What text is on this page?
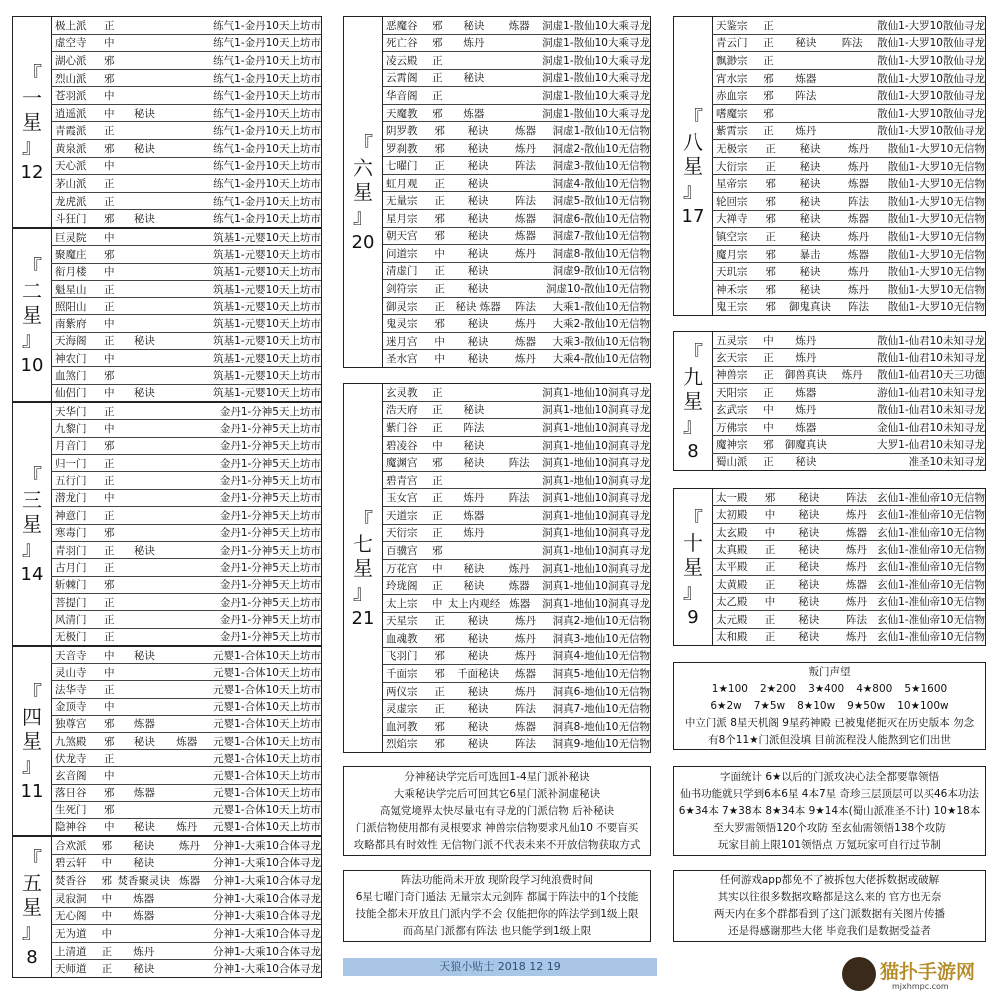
『
一
星
』
12
极上派	正	练气1-金丹10 天上坊市
虚空寺	中	练气1-金丹10 天上坊市
湖心派	邪	练气1-金丹10 天上坊市
烈山派	邪	练气1-金丹10 天上坊市
苍羽派	中	练气1-金丹10 天上坊市
逍遥派	中	秘诀	练气1-金丹10 天上坊市
青霞派	正	练气1-金丹10 天上坊市
黄泉派	邪	秘诀	练气1-金丹10 天上坊市
天心派	中	练气1-金丹10 天上坊市
茅山派	正	练气1-金丹10 天上坊市
龙虎派	正	练气1-金丹10 天上坊市
斗狂门	邪	秘诀	练气1-金丹10 天上坊市
『
二
星
』
10
巨灵院	中	筑基1-元婴10 天上坊市
聚魔庄	邪	筑基1-元婴10 天上坊市
衔月楼	中	筑基1-元婴10 天上坊市
魁星山	正	筑基1-元婴10 天上坊市
照阳山	正	筑基1-元婴10 天上坊市
南紫府	中	筑基1-元婴10 天上坊市
天海阁	正	秘诀	筑基1-元婴10 天上坊市
神农门	中	筑基1-元婴10 天上坊市
血煞门	邪	筑基1-元婴10 天上坊市
仙侣门	中	秘诀	筑基1-元婴10 天上坊市
『
三
星
』
14
天华门	正	金丹1-分神5 天上坊市
九黎门	中	金丹1-分神5 天上坊市
月音门	邪	金丹1-分神5 天上坊市
归一门	正	金丹1-分神5 天上坊市
五行门	正	金丹1-分神5 天上坊市
潜龙门	中	金丹1-分神5 天上坊市
神意门	正	金丹1-分神5 天上坊市
寒毒门	邪	金丹1-分神5 天上坊市
青羽门	正	秘诀	金丹1-分神5 天上坊市
古月门	正	金丹1-分神5 天上坊市
斩棘门	邪	金丹1-分神5 天上坊市
菩提门	正	金丹1-分神5 天上坊市
风清门	正	金丹1-分神5 天上坊市
无极门	正	金丹1-分神5 天上坊市
『
四
星
』
11
天音寺	中	秘诀	元婴1-合体10 天上坊市
灵山寺	中	元婴1-合体10 天上坊市
法华寺	正	元婴1-合体10 天上坊市
金顶寺	中	元婴1-合体10 天上坊市
独尊宫	邪	炼器	元婴1-合体10 天上坊市
九煞殿	邪	秘诀	炼器	元婴1-合体10 天上坊市
伏龙寺	正	元婴1-合体10 天上坊市
玄音阁	中	元婴1-合体10 天上坊市
落日谷	邪	炼器	元婴1-合体10 天上坊市
生死门	邪	元婴1-合体10 天上坊市
隐神谷	中	秘诀	炼丹	元婴1-合体10 天上坊市
『
五
星
』
8
合欢派	邪	秘诀	炼丹	分神1-大乘10 合体寻龙
碧云轩	中	秘诀	分神1-大乘10 合体寻龙
焚香谷	邪 焚香聚灵诀 炼器	分神1-大乘10 合体寻龙
灵寂洞	中	炼器	分神1-大乘10 合体寻龙
无心阁	中	炼器	分神1-大乘10 合体寻龙
无为道	中	分神1-大乘10 合体寻龙
上清道	正	炼丹	分神1-大乘10 合体寻龙
天师道	正	秘诀	分神1-大乘10 合体寻龙
『
六
星
』
20
恶魔谷	邪	秘诀	炼器	洞虚1-散仙10 大乘寻龙
死亡谷	邪	炼丹	洞虚1-散仙10 大乘寻龙
凌云殿	正	洞虚1-散仙10 大乘寻龙
云霄阁	正	秘诀	洞虚1-散仙10 大乘寻龙
华音阁	正	洞虚1-散仙10 大乘寻龙
天魔教	邪	炼器	洞虚1-散仙10 大乘寻龙
阴罗教	邪	秘诀	炼器	洞虚1-散仙10 无信物
罗刹教	邪	秘诀	炼丹	洞虚2-散仙10 无信物
七曜门	正	秘诀	阵法	洞虚3-散仙10 无信物
虹月观	正	秘诀	洞虚4-散仙10 无信物
无量宗	正	秘诀	阵法	洞虚5-散仙10 无信物
星月宗	邪	秘诀	炼器	洞虚6-散仙10 无信物
朝天宫	邪	秘诀	炼器	洞虚7-散仙10 无信物
问道宗	中	秘诀	炼丹	洞虚8-散仙10 无信物
清虚门	正	秘诀	洞虚9-散仙10 无信物
剑符宗	正	秘诀	洞虚10-散仙10 无信物
御灵宗	正	秘诀 炼器	阵法	大乘1-散仙10 无信物
鬼灵宗	邪	秘诀	炼丹	大乘2-散仙10 无信物
迷月宫	中	秘诀	炼器	大乘3-散仙10 无信物
圣水宫	中	秘诀	炼丹	大乘4-散仙10 无信物
『
七
星
』
21
玄灵教	正	洞真1-地仙10 洞真寻龙
浩天府	正	秘诀	洞真1-地仙10 洞真寻龙
紫门谷	正	阵法	洞真1-地仙10 洞真寻龙
碧凌谷	中	秘诀	洞真1-地仙10 洞真寻龙
魔渊宫	邪	秘诀	阵法	洞真1-地仙10 洞真寻龙
碧青宫	正	洞真1-地仙10 洞真寻龙
玉女宫	正	炼丹	阵法	洞真1-地仙10 洞真寻龙
天道宗	正	炼器	洞真1-地仙10 洞真寻龙
天衍宗	正	炼丹	洞真1-地仙10 洞真寻龙
百骥宫	邪	洞真1-地仙10 洞真寻龙
万花宫	中	秘诀	炼丹	洞真1-地仙10 洞真寻龙
玲珑阁	正	秘诀	炼器	洞真1-地仙10 洞真寻龙
太上宗	中 太上内观经 炼器	洞真1-地仙10 洞真寻龙
天星宗	正	秘诀	炼丹	洞真2-地仙10 无信物
血魂教	邪	秘诀	炼丹	洞真3-地仙10 无信物
飞羽门	邪	秘诀	炼丹	洞真4-地仙10 无信物
千面宗	邪	千面秘诀	炼器	洞真5-地仙10 无信物
两仪宗	正	秘诀	炼丹	洞真6-地仙10 无信物
灵虚宗	正	秘诀	阵法	洞真7-地仙10 无信物
血河教	邪	秘诀	炼器	洞真8-地仙10 无信物
烈焰宗	邪	秘诀	阵法	洞真9-地仙10 无信物
『
八
星
』
17
天鉴宗	正	散仙1-大罗10 散仙寻龙
青云门	正	秘诀	阵法	散仙1-大罗10 散仙寻龙
飘渺宗	正	散仙1-大罗10 散仙寻龙
宵水宗	邪	炼器	散仙1-大罗10 散仙寻龙
赤血宗	邪	阵法	散仙1-大罗10 散仙寻龙
嗜魔宗	邪	散仙1-大罗10 散仙寻龙
紫霄宗	正	炼丹	散仙1-大罗10 散仙寻龙
无极宗	正	秘诀	炼丹	散仙1-大罗10 无信物
大衍宗	正	秘诀	炼丹	散仙1-大罗10 无信物
星帝宗	邪	秘诀	炼器	散仙1-大罗10 无信物
轮回宗	邪	秘诀	阵法	散仙1-大罗10 无信物
大禅寺	邪	秘诀	炼器	散仙1-大罗10 无信物
镇空宗	正	秘诀	炼丹	散仙1-大罗10 无信物
魔月宗	邪	暴击	炼器	散仙1-大罗10 无信物
天玑宗	邪	秘诀	炼丹	散仙1-大罗10 无信物
神禾宗	邪	秘诀	炼丹	散仙1-大罗10 无信物
鬼王宗	邪	御鬼真诀	阵法	散仙1-大罗10 无信物
『
九
星
』
8
五灵宗	中	炼丹	散仙1-仙君10 未知寻龙
玄天宗	正	炼丹	散仙1-仙君10 未知寻龙
神兽宗	正	御兽真诀	炼丹	散仙1-仙君10 天三功德
天阳宗	正	炼器	游仙1-仙君10 未知寻龙
玄武宗	中	炼丹	散仙1-仙君10 未知寻龙
万佛宗	中	炼器	金仙1-仙君10 未知寻龙
魔神宗	邪	御魔真诀	大罗1-仙君10 未知寻龙
蜀山派	正	秘诀	准圣10 未知寻龙
『
十
星
』
9
太一殿	邪	秘诀	阵法 玄仙1-准仙帝10 无信物
太初殿	中	秘诀	炼丹 玄仙1-准仙帝10 无信物
太玄殿	中	秘诀	炼器 玄仙1-准仙帝10 无信物
太真殿	正	秘诀	炼丹 玄仙1-准仙帝10 无信物
太平殿	正	秘诀	炼丹 玄仙1-准仙帝10 无信物
太黄殿	正	秘诀	炼器 玄仙1-准仙帝10 无信物
太乙殿	中	秘诀	炼丹 玄仙1-准仙帝10 无信物
太元殿	正	秘诀	阵法 玄仙1-准仙帝10 无信物
太和殿	正	秘诀	炼丹 玄仙1-准仙帝10 无信物
叛门声望
1★100 2★200 3★400 4★800 5★1600
6★2w 7★5w 8★10w 9★50w 10★100w
中立门派 8星天机阁 9星药神殿 已被鬼佬扼灭在历史版本 勿念
有8个11★门派但没填 目前流程没人能熬到它们出世
分神秘诀学完后可选回1-4星门派补秘诀
大乘秘诀学完后可回其它6星门派补洞虚秘诀
高氪党境界太快尽量屯有寻龙的门派信物 后补秘诀
门派信物使用都有灵根要求 神兽宗信物要求凡仙10 不要盲买
攻略都具有时效性 无信物门派不代表未来不开放信物获取方式
字面统计 6★以后的门派攻决心法全都要靠领悟
仙书功能就只学到6本6星 4本7星 奇珍三层顶层可以买46本功法
6★34本 7★38本 8★34本 9★14本(蜀山派准圣不计) 10★18本
至大罗需领悟120个攻防 至玄仙需领悟138个攻防
玩家目前上限101领悟点 万氪玩家可自行过节制
阵法功能尚未开放 现阶段学习纯浪费时间
6星七曜门奇门遁法 无量宗太元剑阵 都属于阵法中的1个技能
技能全都未开放且门派内学不会 仅能把你的阵法学到1级上限
而高星门派都有阵法 也只能学到1级上限
任何游戏app都免不了被拆包大佬拆数据或破解
其实以往很多数据攻略都是这么来的 官方也无奈
两天内在多个群都看到了这门派数据有关图片传播
还是得感谢那些大佬 毕竟我们是数据受益者
天狼小贴士 2018 12 19	猫扑手游网
mjxhmpc.com
